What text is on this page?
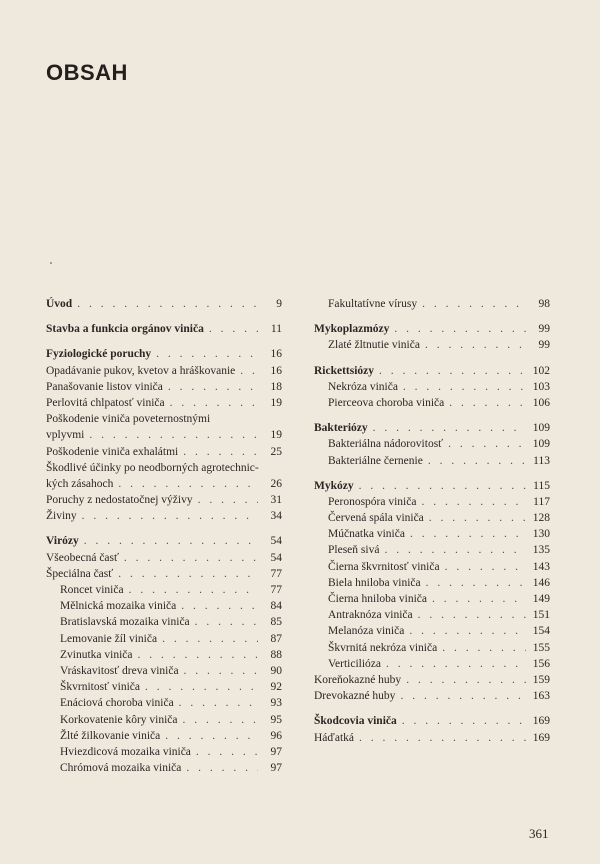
OBSAH
Úvod . . .	9
Stavba a funkcia orgánov viniča . . .	11
Fyziologické poruchy . . .	16
Opadávanie pukov, kvetov a hráškovanie . . .	16
Panašovanie listov viniča . . .	18
Perlovitá chlpatosť viniča . . .	19
Poškodenie viniča poveternostnými
vplyvmi . . .	19
Poškodenie viniča exhalátmi . . .	25
Škodlivé účinky po neodborných agrotechnic-
kých zásahoch . . .	26
Poruchy z nedostatočnej výživy . . .	31
Živiny . . .	34
Virózy . . .	54
Všeobecná časť . . .	54
Špeciálna časť . . .	77
Roncet viniča . . .	77
Mělnická mozaika viniča . . .	84
Bratislavská mozaika viniča . . .	85
Lemovanie žíl viniča . . .	87
Zvinutka viniča . . .	88
Vráskavitosť dreva viniča . . .	90
Škvrnitosť viniča . . .	92
Enáciová choroba viniča . . .	93
Korkovatenie kôry viniča . . .	95
Žlté žilkovanie viniča . . .	96
Hviezdicová mozaika viniča . . .	97
Chrómová mozaika viniča . . .	97
Fakultatívne vírusy . . .	98
Mykoplazmózy . . .	99
Zlaté žltnutie viniča . . .	99
Rickettsiózy . . .	102
Nekróza viniča . . .	103
Pierceova choroba viniča . . .	106
Bakteriózy . . .	109
Bakteriálna nádorovitosť . . .	109
Bakteriálne černenie . . .	113
Mykózy . . .	115
Peronospóra viniča . . .	117
Červená spála viniča . . .	128
Múčnatka viniča . . .	130
Pleseň sivá . . .	135
Čierna škvrnitosť viniča . . .	143
Biela hniloba viniča . . .	146
Čierna hniloba viniča . . .	149
Antraknóza viniča . . .	151
Melanóza viniča . . .	154
Škvrnitá nekróza viniča . . .	155
Verticilióza . . .	156
Koreňokazné huby . . .	159
Drevokazné huby . . .	163
Škodcovia viniča . . .	169
Háďatká . . .	169
361
